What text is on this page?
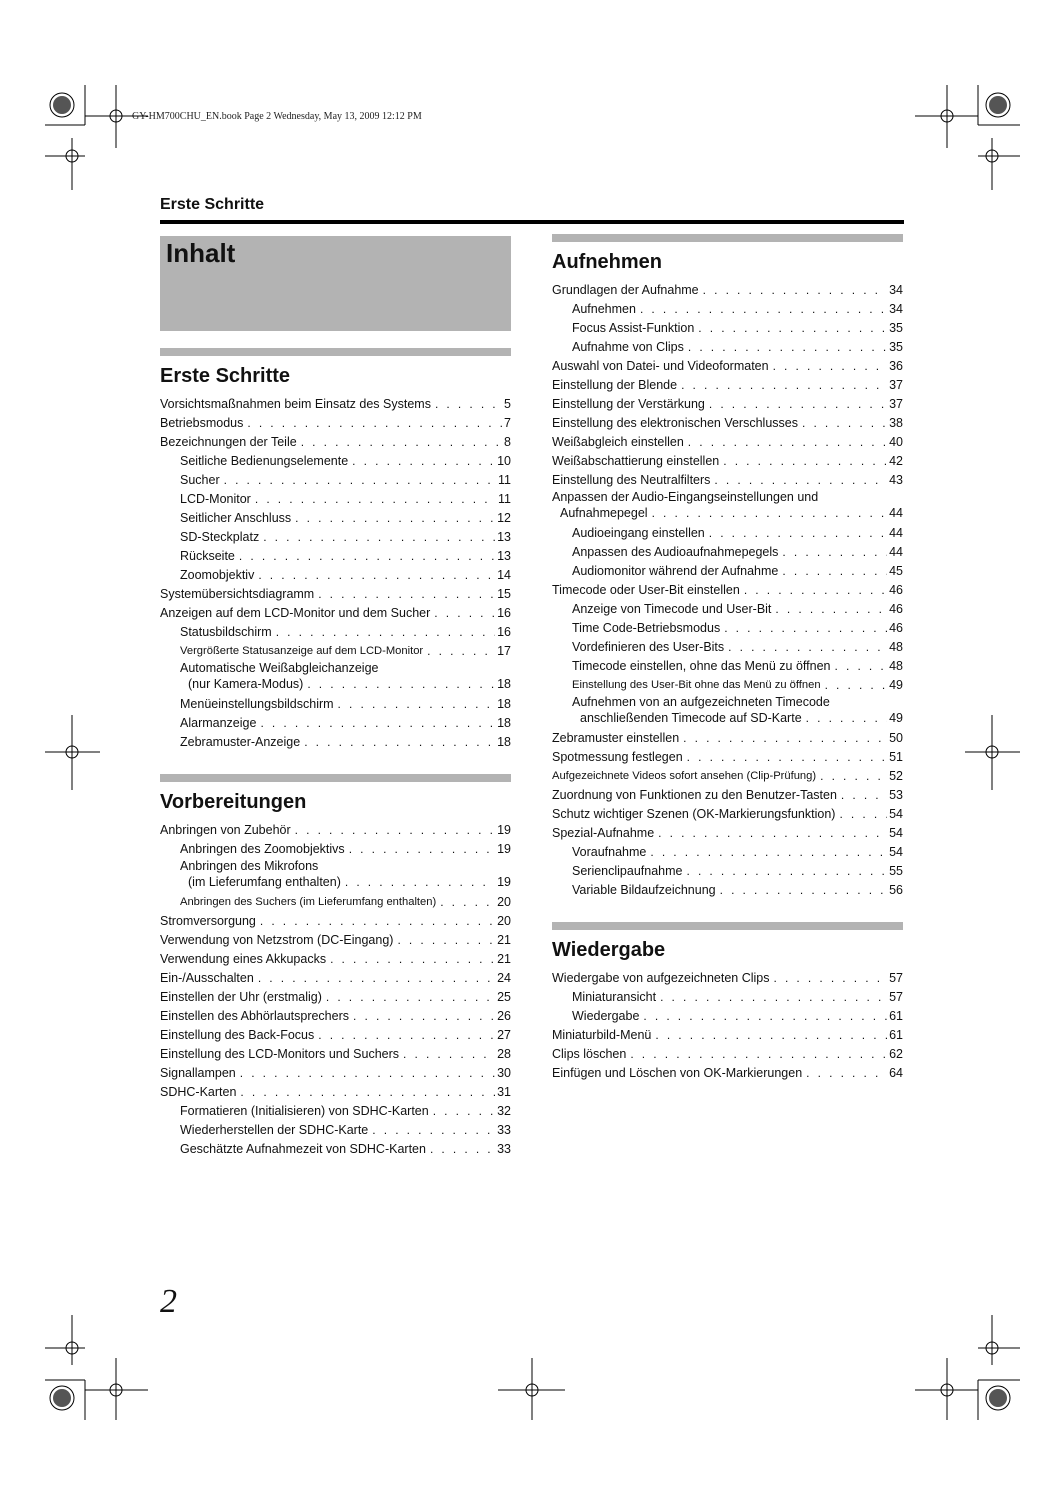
GY-HM700CHU_EN.book Page 2 Wednesday, May 13, 2009 12:12 PM
Erste Schritte
Inhalt
Erste Schritte
Vorsichtsmaßnahmen beim Einsatz des Systems . . .	5
Betriebsmodus . . .	7
Bezeichnungen der Teile . . .	8
Seitliche Bedienungselemente . . .	10
Sucher . . .	11
LCD-Monitor . . .	11
Seitlicher Anschluss . . .	12
SD-Steckplatz . . .	13
Rückseite . . .	13
Zoomobjektiv . . .	14
Systemübersichtsdiagramm . . .	15
Anzeigen auf dem LCD-Monitor und dem Sucher . . .	16
Statusbildschirm . . .	16
Vergrößerte Statusanzeige auf dem LCD-Monitor . . .	17
Automatische Weißabgleichanzeige
(nur Kamera-Modus) . . .	18
Menüeinstellungsbildschirm . . .	18
Alarmanzeige . . .	18
Zebramuster-Anzeige . . .	18
Vorbereitungen
Anbringen von Zubehör . . .	19
Anbringen des Zoomobjektivs . . .	19
Anbringen des Mikrofons
(im Lieferumfang enthalten) . . .	19
Anbringen des Suchers (im Lieferumfang enthalten) . . .	20
Stromversorgung . . .	20
Verwendung von Netzstrom (DC-Eingang) . . .	21
Verwendung eines Akkupacks . . .	21
Ein-/Ausschalten . . .	24
Einstellen der Uhr (erstmalig) . . .	25
Einstellen des Abhörlautsprechers . . .	26
Einstellung des Back-Focus . . .	27
Einstellung des LCD-Monitors und Suchers . . .	28
Signallampen . . .	30
SDHC-Karten . . .	31
Formatieren (Initialisieren) von SDHC-Karten . . .	32
Wiederherstellen der SDHC-Karte . . .	33
Geschätzte Aufnahmezeit von SDHC-Karten . . .	33
Aufnehmen
Grundlagen der Aufnahme . . .	34
Aufnehmen . . .	34
Focus Assist-Funktion . . .	35
Aufnahme von Clips . . .	35
Auswahl von Datei- und Videoformaten . . .	36
Einstellung der Blende . . .	37
Einstellung der Verstärkung . . .	37
Einstellung des elektronischen Verschlusses . . .	38
Weißabgleich einstellen . . .	40
Weißabschattierung einstellen . . .	42
Einstellung des Neutralfilters . . .	43
Anpassen der Audio-Eingangseinstellungen und
Aufnahmepegel . . .	44
Audioeingang einstellen . . .	44
Anpassen des Audioaufnahmepegels . . .	44
Audiomonitor während der Aufnahme . . .	45
Timecode oder User-Bit einstellen . . .	46
Anzeige von Timecode und User-Bit . . .	46
Time Code-Betriebsmodus . . .	46
Vordefinieren des User-Bits . . .	48
Timecode einstellen, ohne das Menü zu öffnen . . .	48
Einstellung des User-Bit ohne das Menü zu öffnen . . .	49
Aufnehmen von an aufgezeichneten Timecode
anschließenden Timecode auf SD-Karte . . .	49
Zebramuster einstellen . . .	50
Spotmessung festlegen . . .	51
Aufgezeichnete Videos sofort ansehen (Clip-Prüfung) . . .	52
Zuordnung von Funktionen zu den Benutzer-Tasten . . .	53
Schutz wichtiger Szenen (OK-Markierungsfunktion) . . .	54
Spezial-Aufnahme . . .	54
Voraufnahme . . .	54
Serienclipaufnahme . . .	55
Variable Bildaufzeichnung . . .	56
Wiedergabe
Wiedergabe von aufgezeichneten Clips . . .	57
Miniaturansicht . . .	57
Wiedergabe . . .	61
Miniaturbild-Menü . . .	61
Clips löschen . . .	62
Einfügen und Löschen von OK-Markierungen . . .	64
2
